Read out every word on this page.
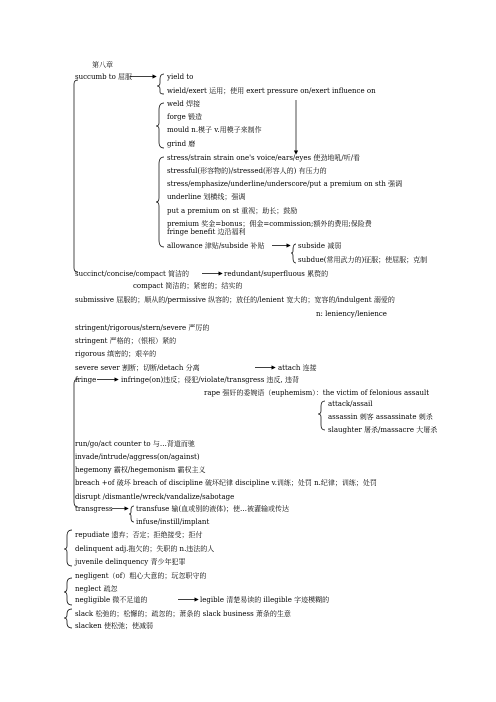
第八章
succumb to 屈服	yield to
wield/exert 运用；使用 exert pressure on/exert influence on
weld 焊接
forge 锻造
mould n.模子 v.用模子来制作
grind 磨
stress/strain strain one's voice/ears/eyes 使劲地吼/听/看
stressful(形容物的)/stressed(形容人的) 有压力的
stress/emphasize/underline/underscore/put a premium on sth 强调
underline 划横线；强调
put a premium on st 重视；助长；鼓励
premium 奖金=bonus；佣金=commission;额外的费用;保险费
fringe benefit 边沿福利
allowance 津贴/subside 补贴	subside 减弱
subdue(常用武力的)征服；使屈服；克制
succinct/concise/compact 简洁的	redundant/superfluous 累赘的
compact 简洁的；紧密的；结实的
submissive 屈服的；顺从的/permissive 纵容的；放任的/lenient 宽大的；宽容的/indulgent 溺爱的
n: leniency/lenience
stringent/rigorous/stern/severe 严厉的
stringent 严格的；（银根）紧的
rigorous 缜密的；艰辛的
severe sever 割断；切断/detach 分离	attach 连接
fringe	infringe(on)违反；侵犯/violate/transgress 违反, 违背
rape 强奸的委婉语（euphemism）：the victim of felonious assault
attack/assail
assassin 刺客 assassinate 刺杀
slaughter 屠杀/massacre 大屠杀
run/go/act counter to 与…背道而驰
invade/intrude/aggress(on/against)
hegemony 霸权/hegemonism 霸权主义
breach +of 破坏 breach of discipline 破坏纪律 discipline v.训练；处罚 n.纪律；训练；处罚
disrupt /dismantle/wreck/vandalize/sabotage
transgress	transfuse 输(血或别的液体)；使…被灌输或传达
infuse/instill/implant
repudiate 遗弃；否定；拒绝接受；拒付
delinquent adj.拖欠的；失职的 n.违法的人
juvenile delinquency 青少年犯罪
negligent（of）粗心大意的；玩忽职守的
neglect 疏忽
negligible 微不足道的	legible 清楚易读的 illegible 字迹模糊的
slack 松弛的；松懈的；疏忽的；萧条的 slack business 萧条的生意
slacken 使松弛；使减弱
